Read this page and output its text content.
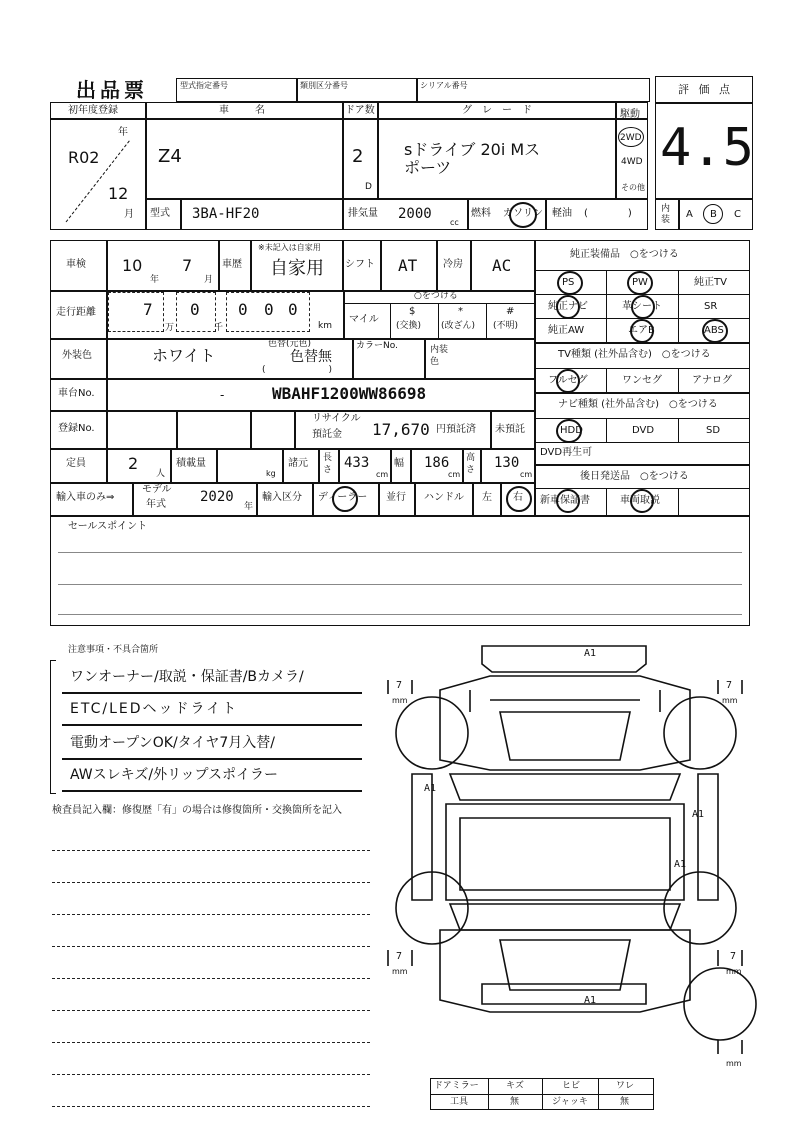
出品票	型式指定番号	類別区分番号	シリアル番号	評 価 点
4.5
内装 A B C
初年度登録	車　　名	ドア数	グ　レ　ー　ド	駆動
年
R02
12
月
Z4	2
D
sドライブ 20i Mス
ポーツ
2WD
4WD
その他
型式 3BA-HF20	排気量 2000
cc
燃料 ガソリン 軽油 (　　　　)
車検 10
年
7
月
車歴
※未記入は自家用
自家用 シフト AT	冷房 AC
走行距離	7 0 0 0 0
万	千	km
○をつける
マイル
$
(交換)
*
(改ざん)
#
(不明)
外装色	ホワイト
色替(元色)
色替無
(　　　　　　　)
カラーNo.	内装色
車台No.	-	WBAHF1200WW86698
登録No.
リサイクル
預託金 17,670 円預託済 未預託
定員	2
人
積載量
kg
諸元 長さ 433
cm
幅 186
cm
高さ 130
cm
輸入車のみ⇒
モデル
年式 2020
年
輸入区分 ディーラー 並行 ハンドル 左 右
純正装備品　○をつける
PS	PW	純正TV
純正ナビ	革シート	SR
純正AW	エアB	ABS
TV種類 (社外品含む)　○をつける
フルセグ	ワンセグ	アナログ
ナビ種類 (社外品含む)　○をつける
HDD	DVD	SD
DVD再生可
後日発送品　○をつける
新車保証書	車両取説
セールスポイント
注意事項・不具合箇所
ワンオーナー/取説・保証書/Bカメラ/
ETC/LEDヘッドライト
電動オープンOK/タイヤ7月入替/
AWスレキズ/外リップスポイラー
検査員記入欄：修復歴「有」の場合は修復箇所・交換箇所を記入
A1
A1
A1
A1
A1
7
mm
7
mm
7
mm
7
mm
mm
ドアミラー	キズ	ヒビ	ワレ
工具	無	ジャッキ	無
